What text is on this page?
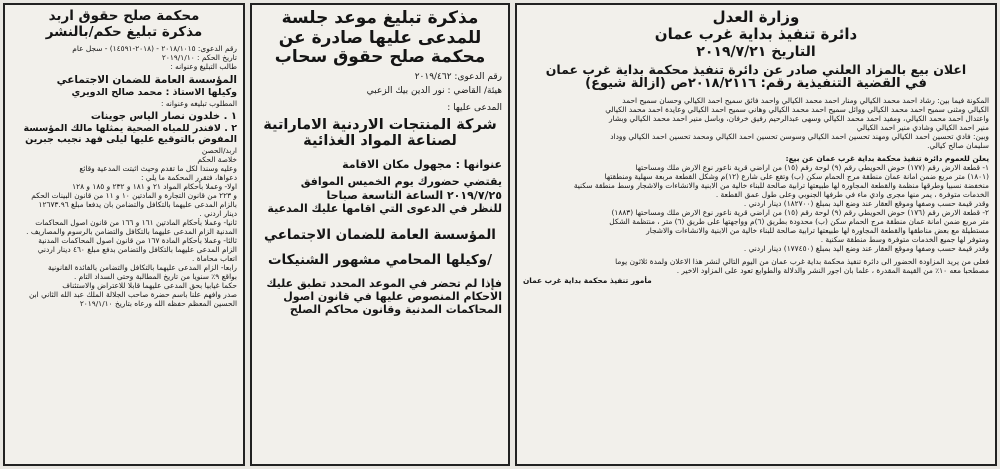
وزارة العدل
دائرة تنفيذ بداية غرب عمان
التاريخ ٢٠١٩/٧/٢١
اعلان بيع بالمزاد العلني صادر عن دائرة تنفيذ محكمة بداية غرب عمان
في القضية التنفيذية رقم: ٢٠١٨/٢١١٦ص (ازالة شيوع)
المكونة فيما بين: رشاد احمد محمد الكيالي ومنار احمد محمد الكيالي واحمد فائق سميح احمد الكيالي وحسان سميح احمد
الكيالي ومثنى سميح احمد محمد الكيالي ووائل سميح احمد محمد الكيالي وهاني سميح احمد الكيالي وعايدة احمد محمد الكيالي
واعتدال احمد محمد الكيالي، ومفيد احمد محمد الكيالي وسهى عبدالرحيم رفيق خرفان، وباسل منير احمد محمد الكيالي وبشار
منير احمد الكيالي وشادي منير احمد الكيالي
وبين: فادي تحسين احمد الكيالي ومهند تحسين احمد الكيالي وسوسن تحسين احمد الكيالي ومحمد تحسين احمد الكيالي ووداد
سليمان صالح كيالي.
يعلن للعموم دائرة تنفيذ محكمة بداية غرب عمان عن بيع:
١- قطعة الارض رقم (١٧٧) حوض الحويطي رقم (٩) لوحة رقم (١٥) من اراضي قرية ناعور نوع الارض ملك ومساحتها
(١٨٠١) متر مربع ضمن امانة عمان منطقة مرج الحمام سكن (ب) وتقع على شارع (١٢)م وشكل القطعة مربعة سهلية ومنطقتها
منخفضة نسبيا وطرقها منظمة والقطعة المجاورة لها طبيعتها ترابية صالحة للبناء خالية من الابنية والانشاءات والاشجار وسط منطقة سكنية
الخدمات متوفرة ، يمر منها مجرى وادي ماء في طرفها الجنوبي وعلى طول عمق القطعة .
وقدر قيمة حسب وصفها وموقع العقار عند وضع اليد بمبلغ (١٨٢٧٠٠) دينار اردني .
٢- قطعة الارض رقم (١٧٦) حوض الحويطي رقم (٩) لوحة رقم (١٥) من اراضي قرية ناعور نوع الارض ملك ومساحتها (١٨٨٣)
متر مربع ضمن امانة عمان منطقة مرج الحمام سكن (ب) محدودة بطريق (٦)م وواجهتها على طريق (٦) متر ، منتظمة الشكل
مستطيلة مع بعض مناطقها والقطعة المجاورة لها طبيعتها ترابية صالحة للبناء خالية من الابنية والانشاءات والاشجار
ومتوفر لها جميع الخدمات متوفرة وسط منطقة سكنية .
وقدر قيمة حسب وصفها وموقع العقار عند وضع اليد بمبلغ (١٧٧٤٥٠) دينار اردني .
فعلى من يريد المزاودة الحضور الى دائرة تنفيذ محكمة بداية غرب عمان من اليوم التالي لنشر هذا الاعلان ولمدة ثلاثون يوما
مصطحبا معه ١٠٪ من القيمة المقدرة ، علما بان اجور النشر والدلالة والطوابع تعود على المزاود الاخير .
مأمور تنفيذ محكمة بداية غرب عمان
مذكرة تبليغ موعد جلسة
للمدعى عليها صادرة عن
محكمة صلح حقوق سحاب
رقم الدعوى: ٢٠١٩/٤٦٢
هيئة/ القاضي : نور الدين بيك الزعبي
المدعى عليها :
شركة المنتجات الاردنية الاماراتية
لصناعة المواد الغذائية
عنوانها : مجهول مكان الاقامة
يقتضي حضورك يوم الخميس الموافق
٢٠١٩/٧/٢٥ الساعة التاسعة صباحا
للنظر في الدعوى التي اقامها عليك المدعية
المؤسسة العامة للضمان الاجتماعي
/وكيلها المحامي مشهور الشنيكات
فإذا لم تحضر في الموعد المحدد تطبق عليك
الاحكام المنصوص عليها في قانون اصول
المحاكمات المدنية وقانون محاكم الصلح
محكمة صلح حقوق اربد
مذكرة تبليغ حكم/بالنشر
رقم الدعوى: ٢٠١٨/١٠١٥ - (٢٠١٨-١٤٥٩١) - سجل عام
تاريخ الحكم : ٢٠١٩/١/١٠
طالب التبليغ وعنوانه :
المؤسسة العامة للضمان الاجتماعي
وكيلها الاستاذ : محمد صالح الدويري
المطلوب تبليغه وعنوانه :
١ . خلدون نصار الياس جوينات
٢ . لافندر للمياه الصحية يمثلها مالك المؤسسة
المفوض بالتوقيع عليها ليلى فهد نجيب جبرين
اربد/الحصن
خلاصة الحكم
وعليه وسندا لكل ما تقدم وحيث اثبتت المدعية وقائع
دعواها، فتقرر المحكمة ما يلي :
اولا- وعملا بأحكام المواد ٢١ و ١٨١ و ٢٣٢ و ١٨٥ و ١٢٨
و ٢٢٣ من قانون التجارة و المادتين ١٠ و ١١ من قانون البينات الحكم
بالزام المدعى عليهما بالتكافل والتضامن بان يدفعا مبلغ ١٢٦٧٣.٩٦
دينار اردني .
ثانيا- وعملا بأحكام المادتين ١٦١ و ١٦٦ من قانون اصول المحاكمات
المدنية الزام المدعى عليهما بالتكافل والتضامن بالرسوم والمصاريف .
ثالثا- وعملا بأحكام المادة ١٦٧ من قانون اصول المحاكمات المدنية
الزام المدعى عليهما بالتكافل والتضامن بدفع مبلغ ٤٦٠ دينار اردني
اتعاب محاماة .
رابعا- الزام المدعى عليهما بالتكافل والتضامن بالفائدة القانونية
بواقع ٩٪ سنويا من تاريخ المطالبة وحتى السداد التام .
حكما غيابيا بحق المدعى عليهما قابلا للاعتراض والاستئناف
صدر وافهم علنا باسم حضرة صاحب الجلالة الملك عبد الله الثاني ابن
الحسين المعظم حفظه الله ورعاه بتاريخ ٢٠١٩/١/١٠
